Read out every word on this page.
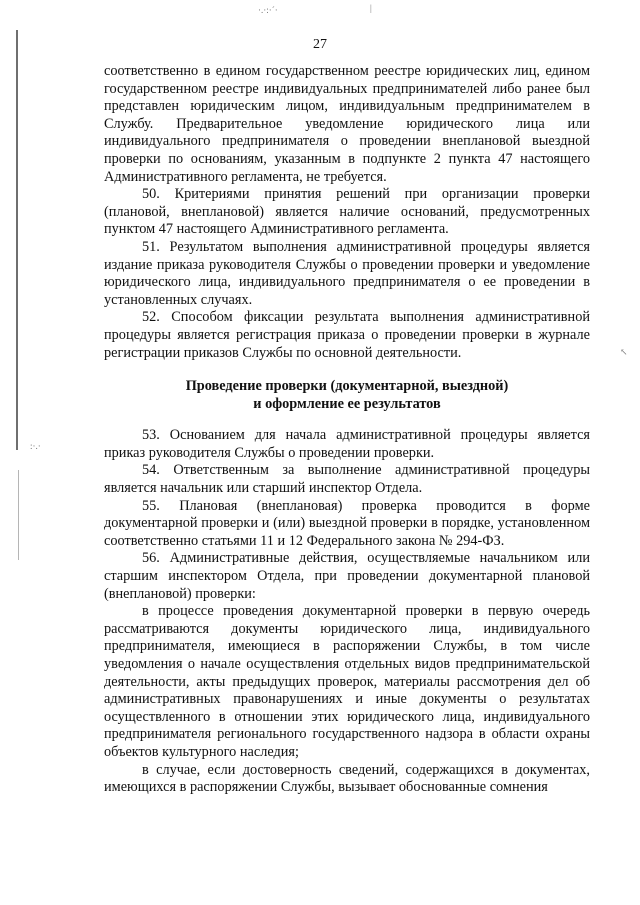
·.·:·´·	|
:·.·
↖
27

соответственно в едином государственном реестре юридических лиц, едином государственном реестре индивидуальных предпринимателей либо ранее был представлен юридическим лицом, индивидуальным предпринимателем в Службу. Предварительное уведомление юридического лица или индивидуального предпринимателя о проведении внеплановой выездной проверки по основаниям, указанным в подпункте 2 пункта 47 настоящего Административного регламента, не требуется.

50. Критериями принятия решений при организации проверки (плановой, внеплановой) является наличие оснований, предусмотренных пунктом 47 настоящего Административного регламента.

51. Результатом выполнения административной процедуры является издание приказа руководителя Службы о проведении проверки и уведомление юридического лица, индивидуального предпринимателя о ее проведении в установленных случаях.

52. Способом фиксации результата выполнения административной процедуры является регистрация приказа о проведении проверки в журнале регистрации приказов Службы по основной деятельности.

Проведение проверки (документарной, выездной)
и оформление ее результатов

53. Основанием для начала административной процедуры является приказ руководителя Службы о проведении проверки.

54. Ответственным за выполнение административной процедуры является начальник или старший инспектор Отдела.

55. Плановая (внеплановая) проверка проводится в форме документарной проверки и (или) выездной проверки в порядке, установленном соответственно статьями 11 и 12 Федерального закона № 294-ФЗ.

56. Административные действия, осуществляемые начальником или старшим инспектором Отдела, при проведении документарной плановой (внеплановой) проверки:

в процессе проведения документарной проверки в первую очередь рассматриваются документы юридического лица, индивидуального предпринимателя, имеющиеся в распоряжении Службы, в том числе уведомления о начале осуществления отдельных видов предпринимательской деятельности, акты предыдущих проверок, материалы рассмотрения дел об административных правонарушениях и иные документы о результатах осуществленного в отношении этих юридического лица, индивидуального предпринимателя регионального государственного надзора в области охраны объектов культурного наследия;

в случае, если достоверность сведений, содержащихся в документах, имеющихся в распоряжении Службы, вызывает обоснованные сомнения
